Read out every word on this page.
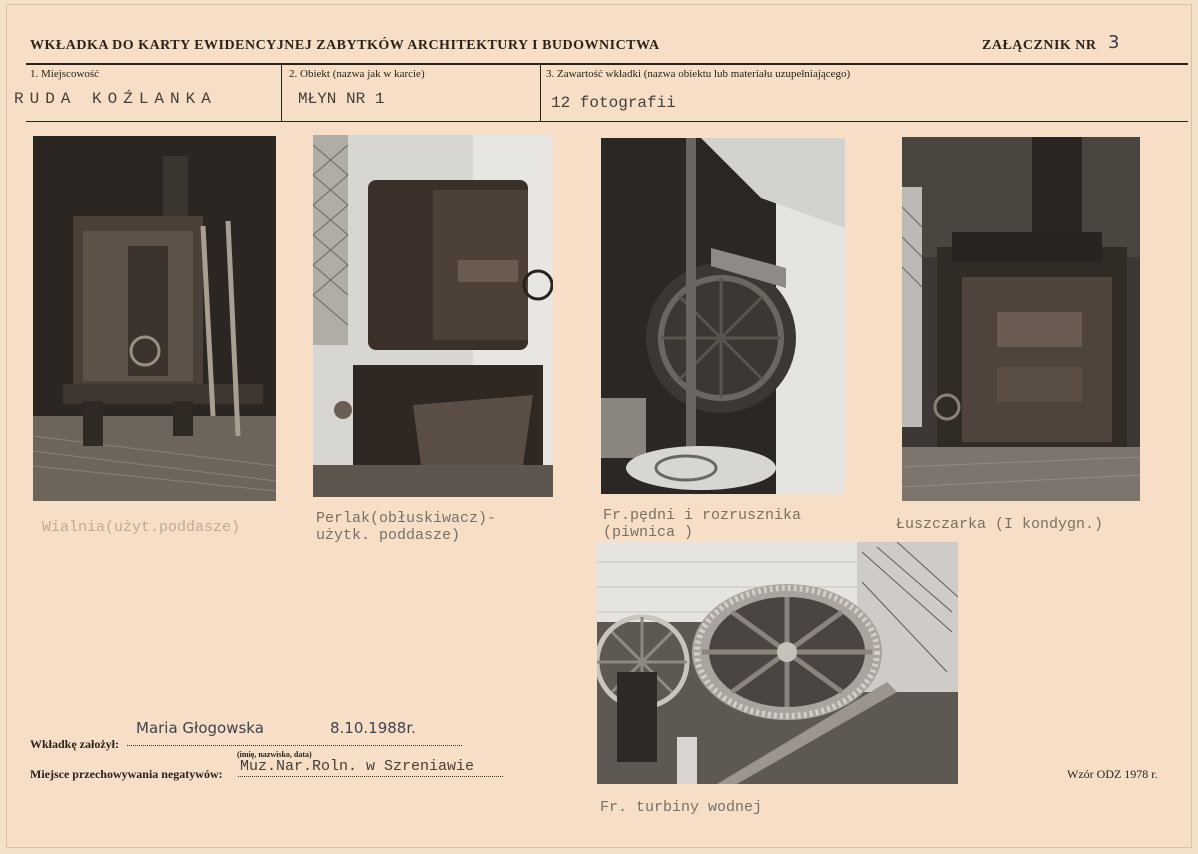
WKŁADKA DO KARTY EWIDENCYJNEJ ZABYTKÓW ARCHITEKTURY I BUDOWNICTWA	ZAŁĄCZNIK NR 3
1. Miejscowość	2. Obiekt (nazwa jak w karcie)	3. Zawartość wkładki (nazwa obiektu lub materiału uzupełniającego)
RUDA KOŹLANKA	MŁYN NR 1	12 fotografii
Wialnia(użyt.poddasze)
Perlak(obłuskiwacz)-
użytk. poddasze)
Fr.pędni i rozrusznika
(piwnica )	Łuszczarka (I kondygn.)
Fr. turbiny wodnej
Wkładkę założył:
Maria Głogowska	8.10.1988r.
(imię, nazwisko, data)
Miejsce przechowywania negatywów: Muz.Nar.Roln. w Szreniawie	Wzór ODZ 1978 r.
